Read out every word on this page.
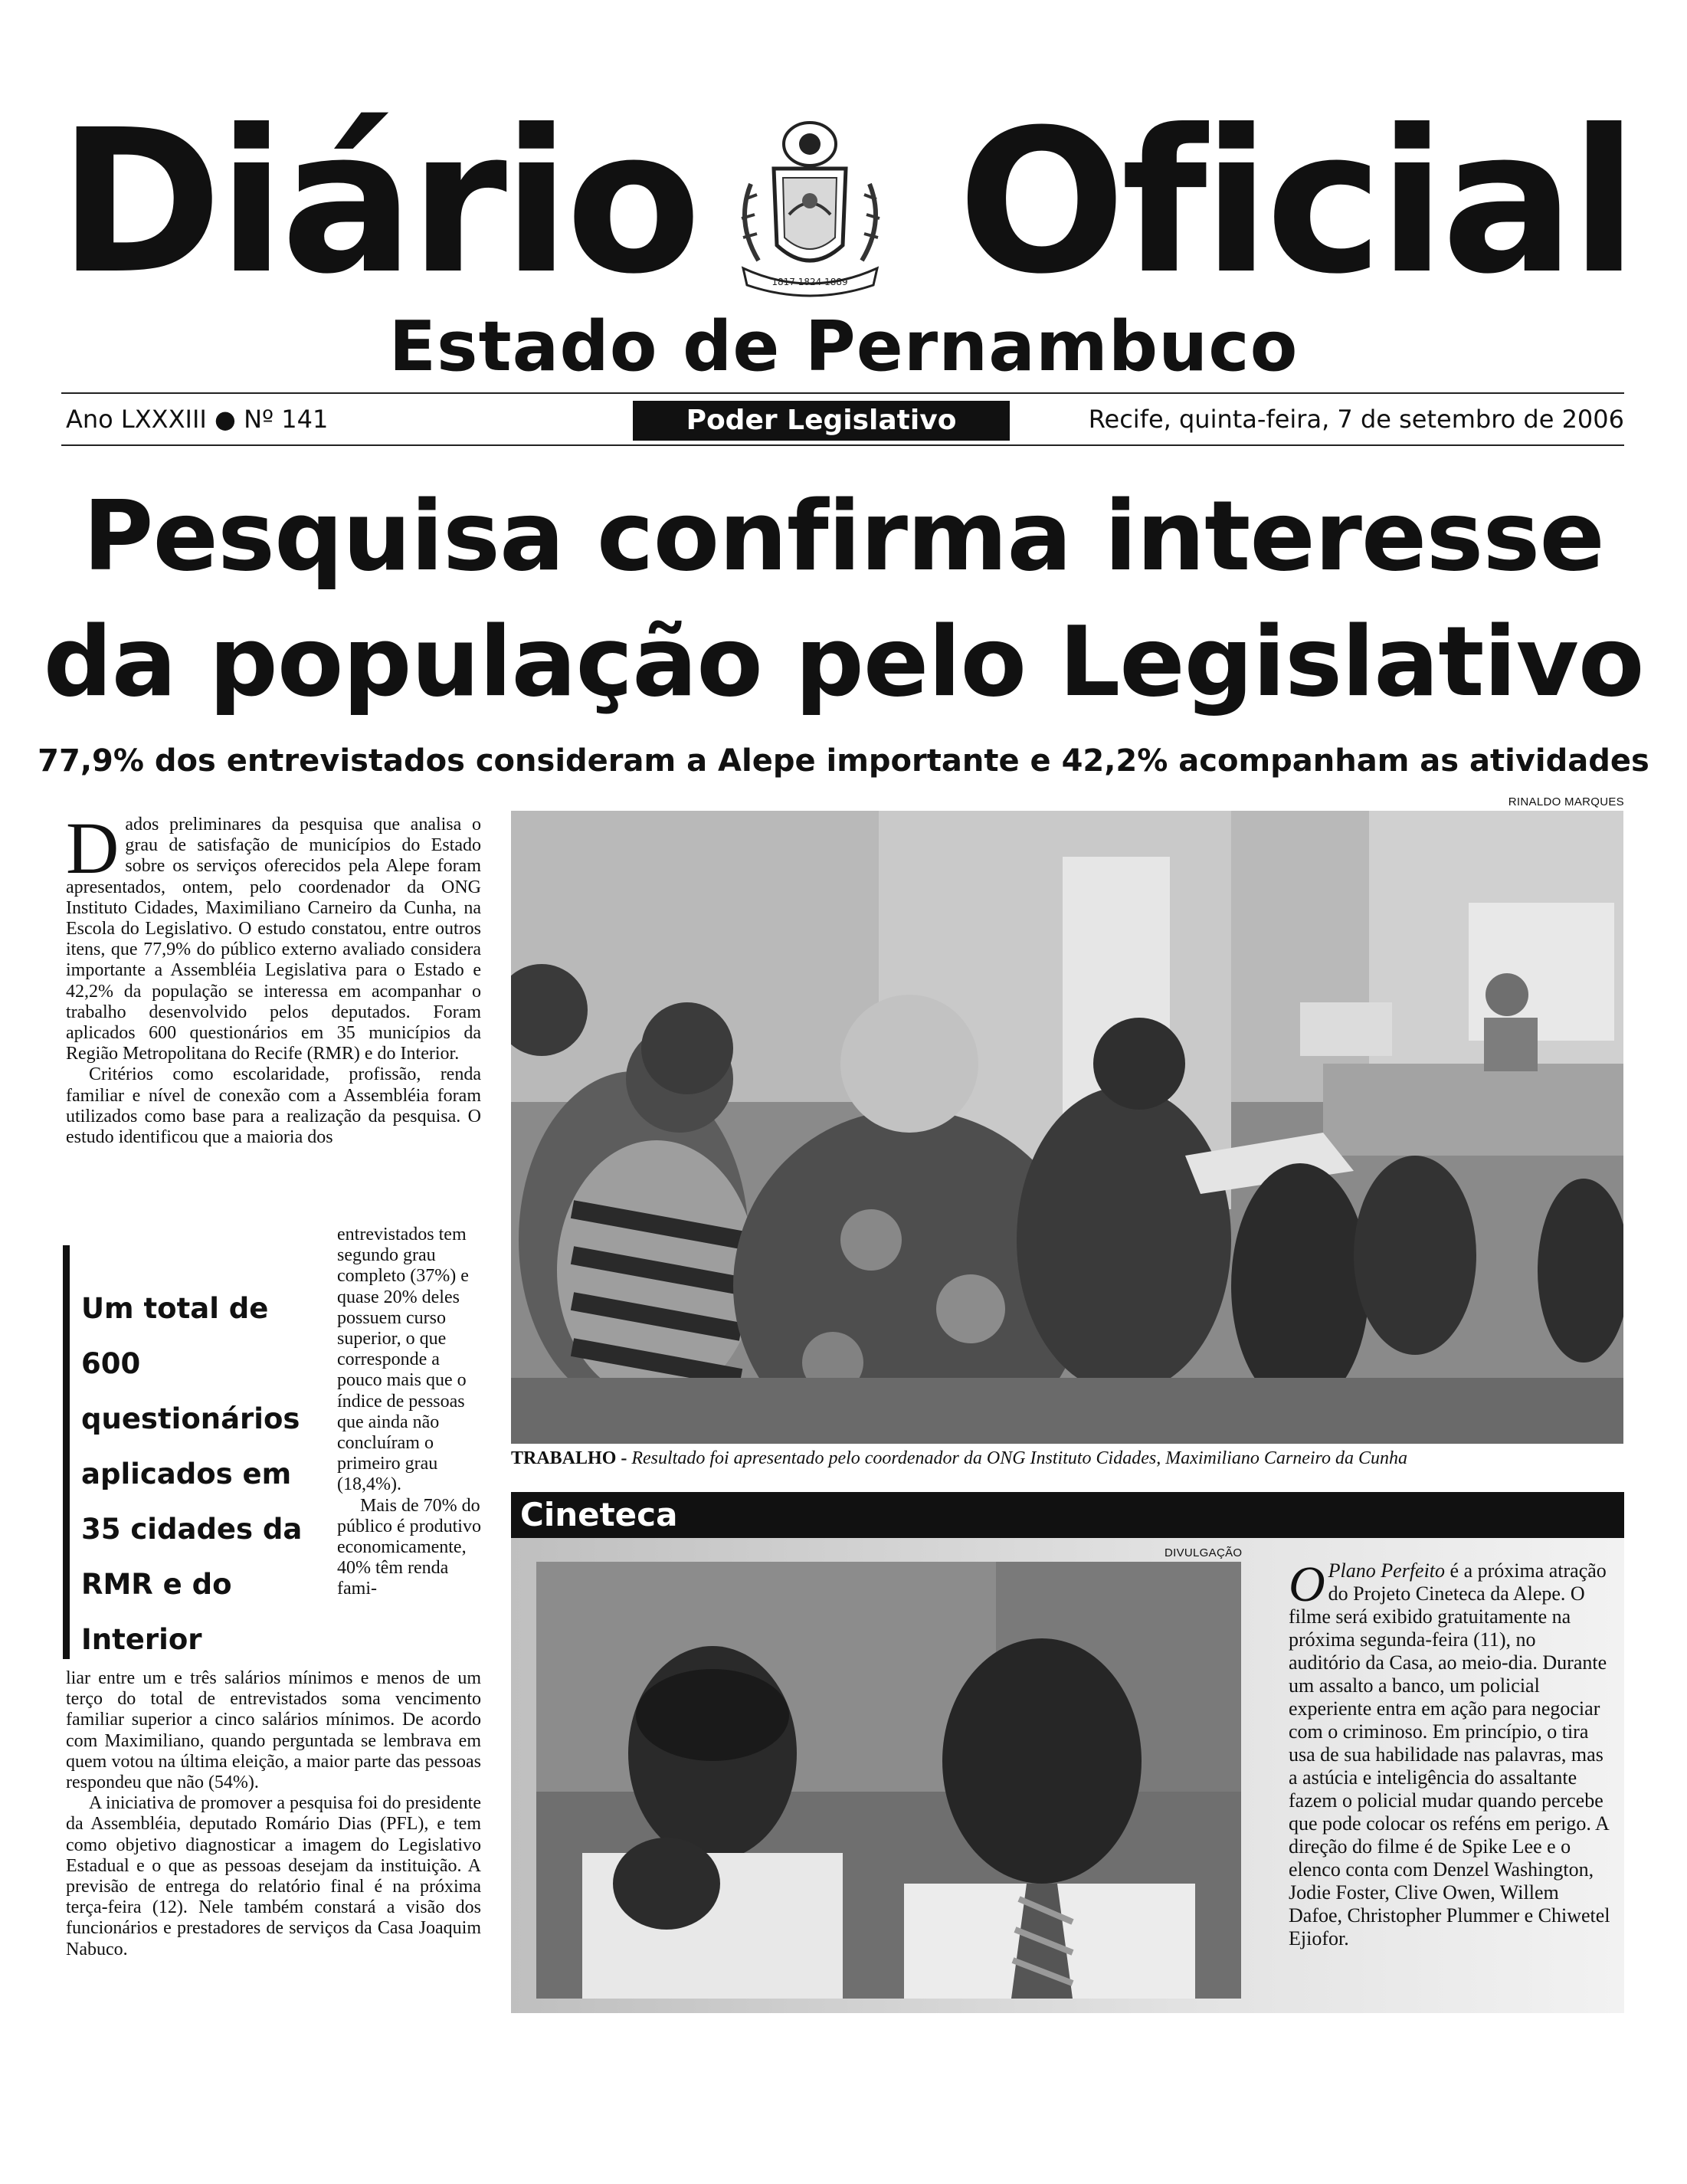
Diário	1817 1824 1889 Oficial
Estado de Pernambuco
Ano LXXXIII ● Nº 141	Poder Legislativo	Recife, quinta-feira, 7 de setembro de 2006
Pesquisa confirma interesse
da população pelo Legislativo
77,9% dos entrevistados consideram a Alepe importante e 42,2% acompanham as atividades

Dados preliminares da pesquisa que analisa o grau de satisfação de municípios do Estado sobre os serviços oferecidos pela Alepe foram apresentados, ontem, pelo coordenador da ONG Instituto Cidades, Maximiliano Carneiro da Cunha, na Escola do Legislativo. O estudo constatou, entre outros itens, que 77,9% do público externo avaliado considera importante a Assembléia Legislativa para o Estado e 42,2% da população se interessa em acompanhar o trabalho desenvolvido pelos deputados. Foram aplicados 600 questionários em 35 municípios da Região Metropolitana do Recife (RMR) e do Interior.

Critérios como escolaridade, profissão, renda familiar e nível de conexão com a Assembléia foram utilizados como base para a realização da pesquisa. O estudo identificou que a maioria dos

Um total de 600 questionários aplicados em 35 cidades da RMR e do Interior

entrevistados tem segundo grau completo (37%) e quase 20% deles possuem curso superior, o que corresponde a pouco mais que o índice de pessoas que ainda não concluíram o primeiro grau (18,4%).

Mais de 70% do público é produtivo economicamente, 40% têm renda fami-

liar entre um e três salários mínimos e menos de um terço do total de entrevistados soma vencimento familiar superior a cinco salários mínimos. De acordo com Maximiliano, quando perguntada se lembrava em quem votou na última eleição, a maior parte das pessoas respondeu que não (54%).

A iniciativa de promover a pesquisa foi do presidente da Assembléia, deputado Romário Dias (PFL), e tem como objetivo diagnosticar a imagem do Legislativo Estadual e o que as pessoas desejam da instituição. A previsão de entrega do relatório final é na próxima terça-feira (12). Nele também constará a visão dos funcionários e prestadores de serviços da Casa Joaquim Nabuco.

RINALDO MARQUES
TRABALHO - Resultado foi apresentado pelo coordenador da ONG Instituto Cidades, Maximiliano Carneiro da Cunha
Cineteca
DIVULGAÇÃO
O Plano Perfeito é a próxima atração do Projeto Cineteca da Alepe. O filme será exibido gratuitamente na próxima segunda-feira (11), no auditório da Casa, ao meio-dia. Durante um assalto a banco, um policial experiente entra em ação para negociar com o criminoso. Em princípio, o tira usa de sua habilidade nas palavras, mas a astúcia e inteligência do assaltante fazem o policial mudar quando percebe que pode colocar os reféns em perigo. A direção do filme é de Spike Lee e o elenco conta com Denzel Washington, Jodie Foster, Clive Owen, Willem Dafoe, Christopher Plummer e Chiwetel Ejiofor.
